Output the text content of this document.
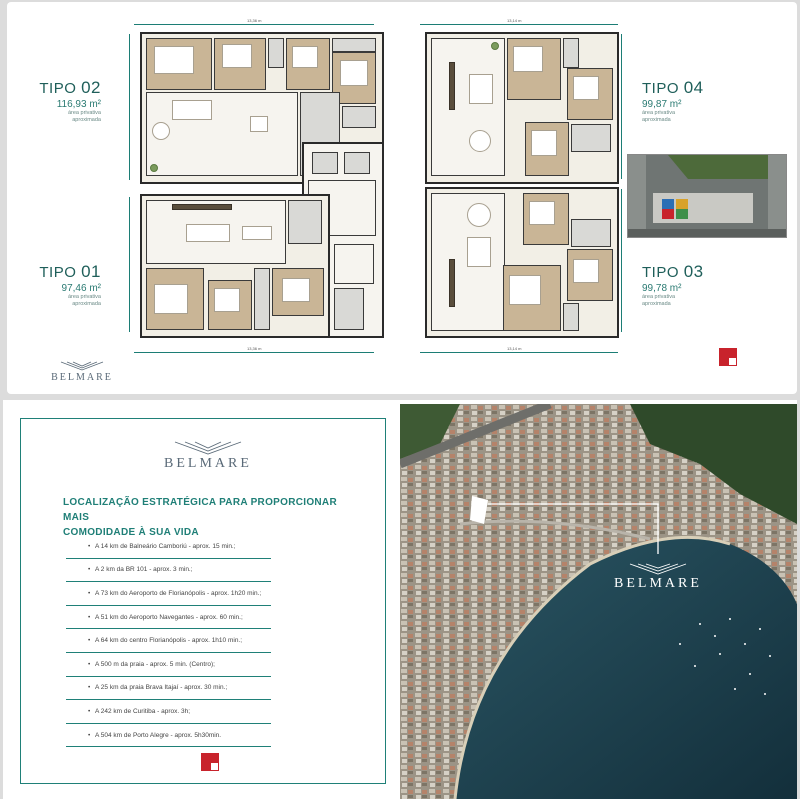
13,36 m	13,14 m
13,36 m	13,14 m
TIPO 02
116,93 m²
área privativa
aproximada
TIPO 01
97,46 m²
área privativa
aproximada
TIPO 04
99,87 m²
área privativa
aproximada
TIPO 03
99,78 m²
área privativa
aproximada
BELMARE
BELMARE
LOCALIZAÇÃO ESTRATÉGICA PARA PROPORCIONAR MAIS
COMODIDADE À SUA VIDA
• A 14 km de Balneário Camboriú - aprox. 15 min.;
• A 2 km da BR 101 - aprox. 3 min.;
• A 73 km do Aeroporto de Florianópolis - aprox. 1h20 min.;
• A 51 km do Aeroporto Navegantes - aprox. 60 min.;
• A 64 km do centro Florianópolis - aprox. 1h10 min.;
• A 500 m da praia - aprox. 5 min. (Centro);
• A 25 km da praia Brava Itajaí - aprox. 30 min.;
• A 242 km de Curitiba - aprox. 3h;
• A 504 km de Porto Alegre - aprox. 5h30min.
BELMARE
